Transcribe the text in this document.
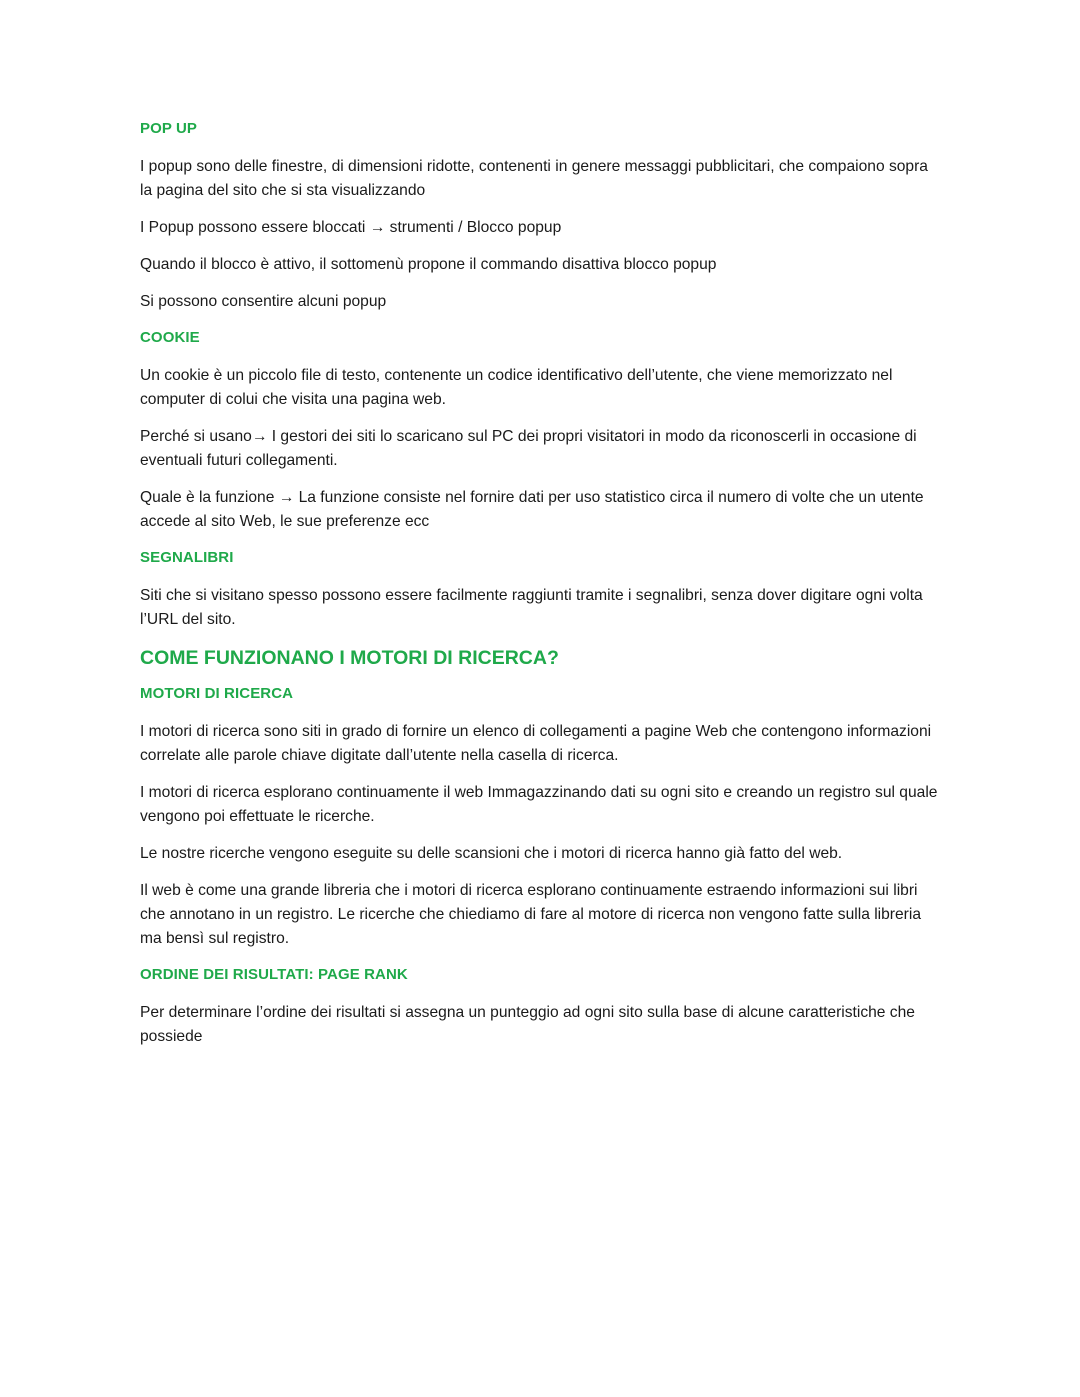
POP UP

I popup sono delle finestre, di dimensioni ridotte, contenenti in genere messaggi pubblicitari, che compaiono sopra la pagina del sito che si sta visualizzando

I Popup possono essere bloccati → strumenti / Blocco popup

Quando il blocco è attivo, il sottomenù propone il commando disattiva blocco popup

Si possono consentire alcuni popup

COOKIE

Un cookie è un piccolo file di testo, contenente un codice identificativo dell’utente, che viene memorizzato nel computer di colui che visita una pagina web.

Perché si usano→ I gestori dei siti lo scaricano sul PC dei propri visitatori in modo da riconoscerli in occasione di eventuali futuri collegamenti.

Quale è la funzione → La funzione consiste nel fornire dati per uso statistico circa il numero di volte che un utente accede al sito Web, le sue preferenze ecc

SEGNALIBRI

Siti che si visitano spesso possono essere facilmente raggiunti tramite i segnalibri, senza dover digitare ogni volta l’URL del sito.

COME FUNZIONANO I MOTORI DI RICERCA?
MOTORI DI RICERCA

I motori di ricerca sono siti in grado di fornire un elenco di collegamenti a pagine Web che contengono informazioni correlate alle parole chiave digitate dall’utente nella casella di ricerca.

I motori di ricerca esplorano continuamente il web Immagazzinando dati su ogni sito e creando un registro sul quale vengono poi effettuate le ricerche.

Le nostre ricerche vengono eseguite su delle scansioni che i motori di ricerca hanno già fatto del web.

Il web è come una grande libreria che i motori di ricerca esplorano continuamente estraendo informazioni sui libri che annotano in un registro. Le ricerche che chiediamo di fare al motore di ricerca non vengono fatte sulla libreria ma bensì sul registro.

ORDINE DEI RISULTATI: PAGE RANK

Per determinare l’ordine dei risultati si assegna un punteggio ad ogni sito sulla base di alcune caratteristiche che possiede
